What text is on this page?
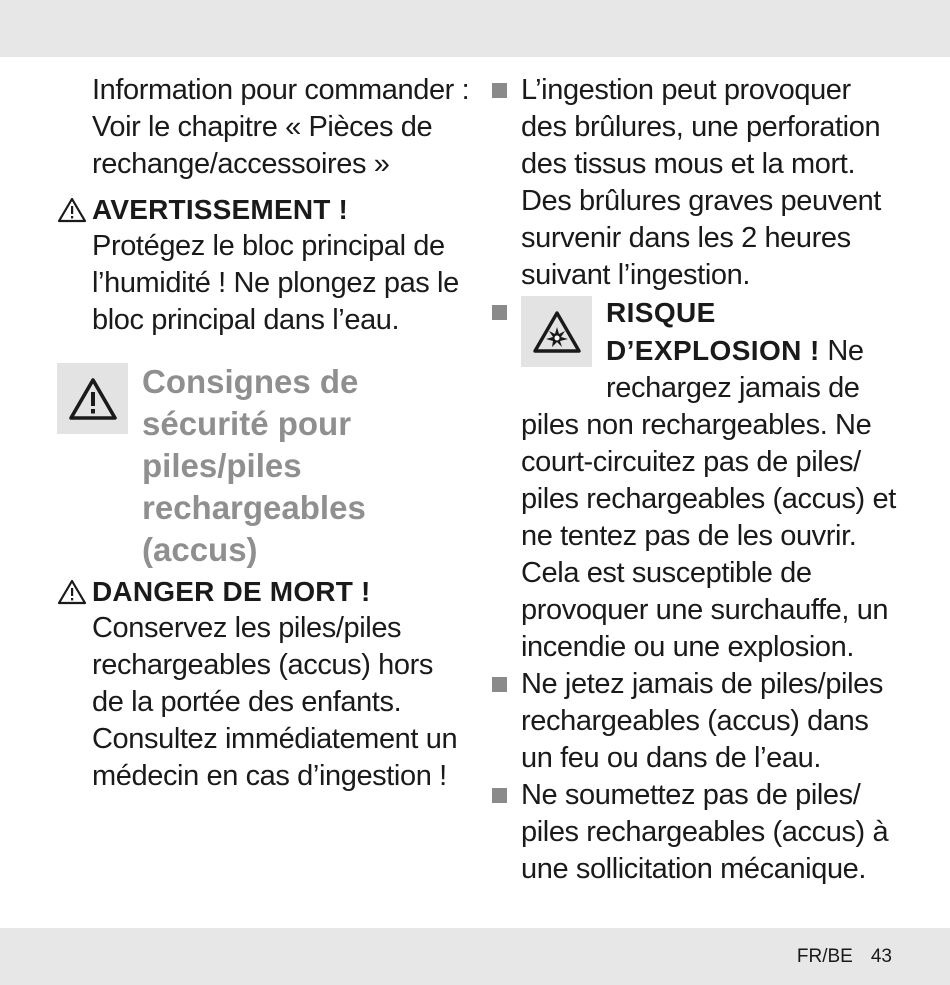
Information pour commander :
Voir le chapitre « Pièces de
rechange/accessoires »
AVERTISSEMENT !
Protégez le bloc principal de
l’humidité ! Ne plongez pas le
bloc principal dans l’eau.
Consignes de
sécurité pour
piles/piles
rechargeables
(accus)
DANGER DE MORT !
Conservez les piles/piles
rechargeables (accus) hors
de la portée des enfants.
Consultez immédiatement un
médecin en cas d’ingestion !
L’ingestion peut provoquer
des brûlures, une perforation
des tissus mous et la mort.
Des brûlures graves peuvent
survenir dans les 2 heures
suivant l’ingestion.
RISQUE
D’EXPLOSION ! Ne
rechargez jamais de
piles non rechargeables. Ne
court-circuitez pas de piles/
piles rechargeables (accus) et
ne tentez pas de les ouvrir.
Cela est susceptible de
provoquer une surchauffe, un
incendie ou une explosion.
Ne jetez jamais de piles/piles
rechargeables (accus) dans
un feu ou dans de l’eau.
Ne soumettez pas de piles/
piles rechargeables (accus) à
une sollicitation mécanique.
FR/BE 43
